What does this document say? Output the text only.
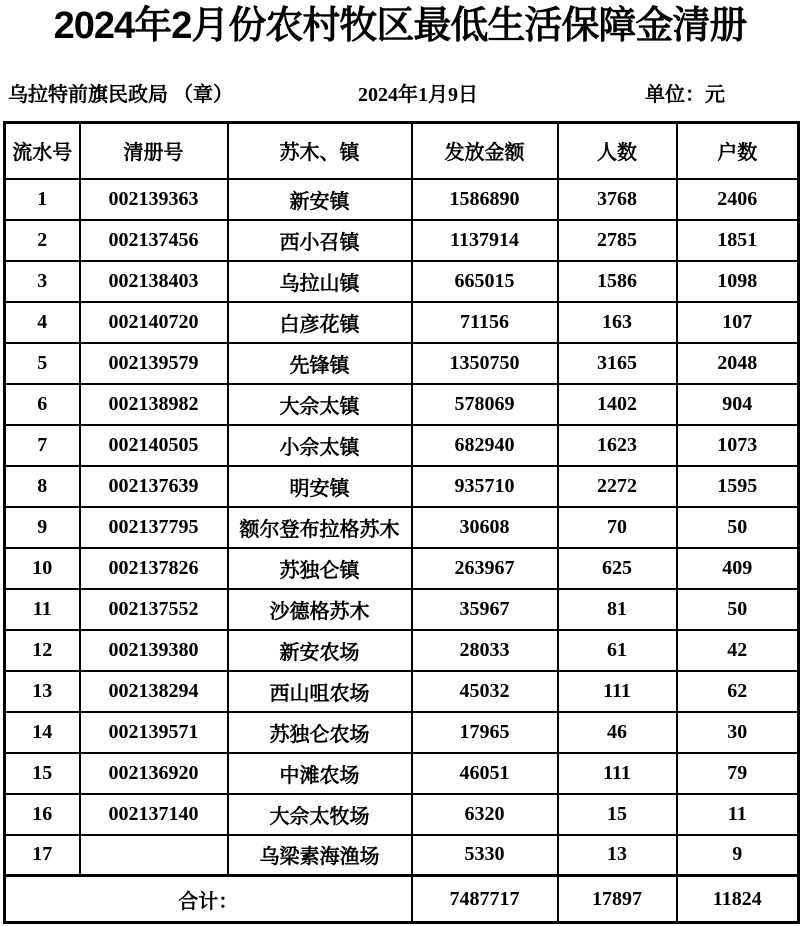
2024年2月份农村牧区最低生活保障金清册
乌拉特前旗民政局 （章）	2024年1月9日	单位：元
流水号	清册号	苏木、镇	发放金额	人数	户数
1	002139363	新安镇	1586890	3768	2406
2	002137456	西小召镇	1137914	2785	1851
3	002138403	乌拉山镇	665015	1586	1098
4	002140720	白彦花镇	71156	163	107
5	002139579	先锋镇	1350750	3165	2048
6	002138982	大佘太镇	578069	1402	904
7	002140505	小佘太镇	682940	1623	1073
8	002137639	明安镇	935710	2272	1595
9	002137795	额尔登布拉格苏木	30608	70	50
10	002137826	苏独仑镇	263967	625	409
11	002137552	沙德格苏木	35967	81	50
12	002139380	新安农场	28033	61	42
13	002138294	西山咀农场	45032	111	62
14	002139571	苏独仑农场	17965	46	30
15	002136920	中滩农场	46051	111	79
16	002137140	大佘太牧场	6320	15	11
17		乌梁素海渔场	5330	13	9
合计：			7487717	17897	11824
